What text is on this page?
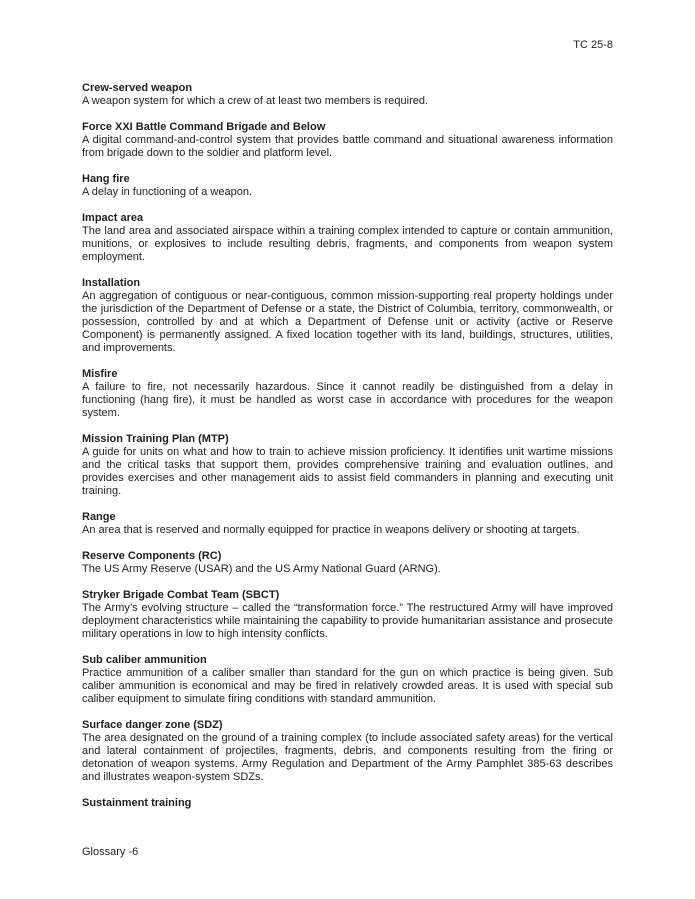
TC 25-8
Crew-served weapon

A weapon system for which a crew of at least two members is required.

Force XXI Battle Command Brigade and Below

A digital command-and-control system that provides battle command and situational awareness information from brigade down to the soldier and platform level.

Hang fire

A delay in functioning of a weapon.

Impact area

The land area and associated airspace within a training complex intended to capture or contain ammunition, munitions, or explosives to include resulting debris, fragments, and components from weapon system employment.

Installation

An aggregation of contiguous or near-contiguous, common mission-supporting real property holdings under the jurisdiction of the Department of Defense or a state, the District of Columbia, territory, commonwealth, or possession, controlled by and at which a Department of Defense unit or activity (active or Reserve Component) is permanently assigned. A fixed location together with its land, buildings, structures, utilities, and improvements.

Misfire

A failure to fire, not necessarily hazardous. Since it cannot readily be distinguished from a delay in functioning (hang fire), it must be handled as worst case in accordance with procedures for the weapon system.

Mission Training Plan (MTP)

A guide for units on what and how to train to achieve mission proficiency. It identifies unit wartime missions and the critical tasks that support them, provides comprehensive training and evaluation outlines, and provides exercises and other management aids to assist field commanders in planning and executing unit training.

Range

An area that is reserved and normally equipped for practice in weapons delivery or shooting at targets.

Reserve Components (RC)

The US Army Reserve (USAR) and the US Army National Guard (ARNG).

Stryker Brigade Combat Team (SBCT)

The Army’s evolving structure – called the “transformation force.” The restructured Army will have improved deployment characteristics while maintaining the capability to provide humanitarian assistance and prosecute military operations in low to high intensity conflicts.

Sub caliber ammunition

Practice ammunition of a caliber smaller than standard for the gun on which practice is being given. Sub caliber ammunition is economical and may be fired in relatively crowded areas. It is used with special sub caliber equipment to simulate firing conditions with standard ammunition.

Surface danger zone (SDZ)

The area designated on the ground of a training complex (to include associated safety areas) for the vertical and lateral containment of projectiles, fragments, debris, and components resulting from the firing or detonation of weapon systems. Army Regulation and Department of the Army Pamphlet 385-63 describes and illustrates weapon-system SDZs.

Sustainment training
Glossary -6
